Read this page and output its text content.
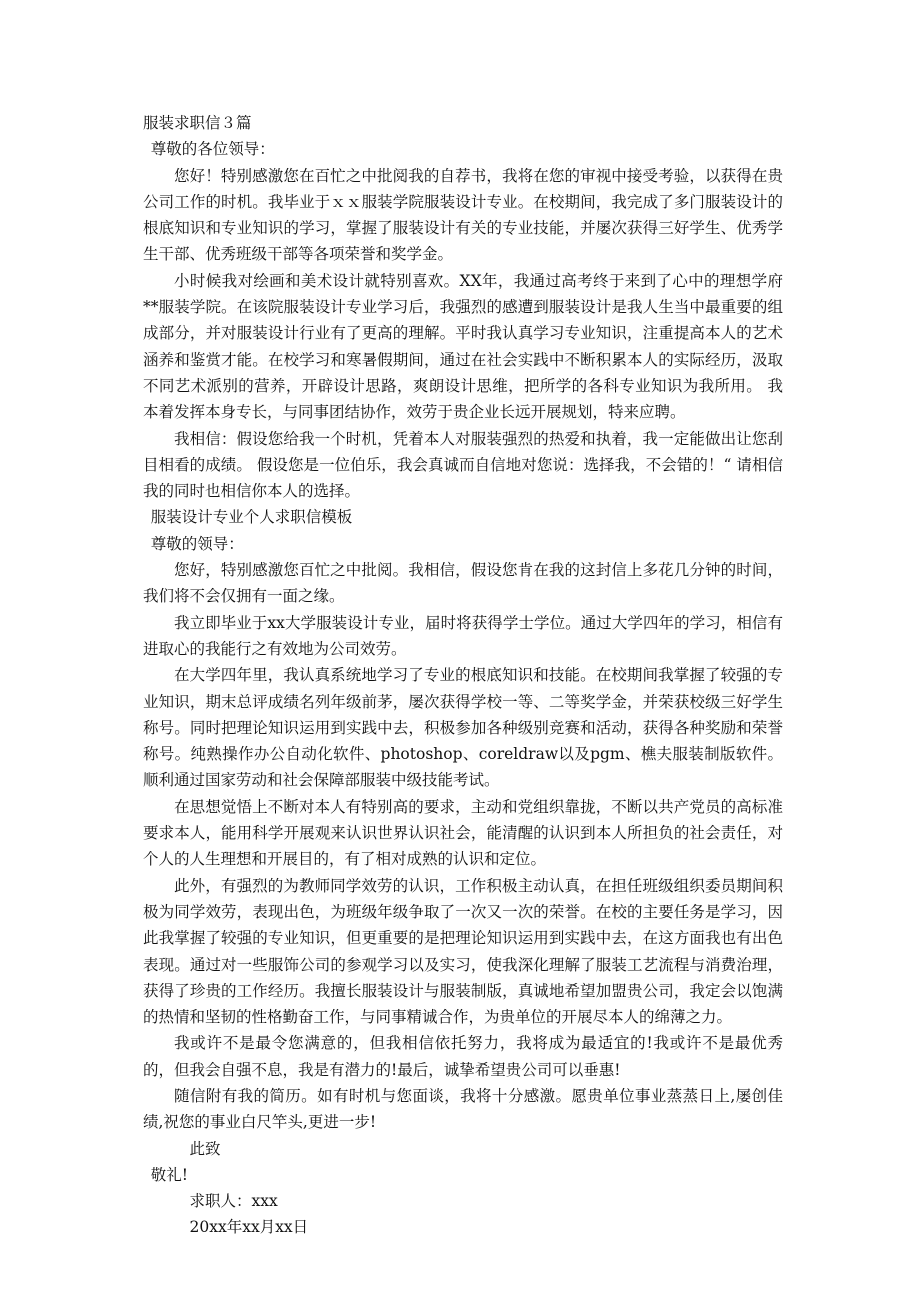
服装求职信３篇

尊敬的各位领导：

您好！特别感激您在百忙之中批阅我的自荐书，我将在您的审视中接受考验，以获得在贵公司工作的时机。我毕业于ｘｘ服装学院服装设计专业。在校期间，我完成了多门服装设计的根底知识和专业知识的学习，掌握了服装设计有关的专业技能，并屡次获得三好学生、优秀学生干部、优秀班级干部等各项荣誉和奖学金。

小时候我对绘画和美术设计就特别喜欢。XX年，我通过高考终于来到了心中的理想学府**服装学院。在该院服装设计专业学习后，我强烈的感遭到服装设计是我人生当中最重要的组成部分，并对服装设计行业有了更高的理解。平时我认真学习专业知识，注重提高本人的艺术涵养和鉴赏才能。在校学习和寒暑假期间，通过在社会实践中不断积累本人的实际经历，汲取不同艺术派别的营养，开辟设计思路，爽朗设计思维，把所学的各科专业知识为我所用。 我本着发挥本身专长，与同事团结协作，效劳于贵企业长远开展规划，特来应聘。

我相信：假设您给我一个时机，凭着本人对服装强烈的热爱和执着，我一定能做出让您刮目相看的成绩。 假设您是一位伯乐，我会真诚而自信地对您说：选择我，不会错的！“ 请相信我的同时也相信你本人的选择。

服装设计专业个人求职信模板

尊敬的领导：

您好，特别感激您百忙之中批阅。我相信，假设您肯在我的这封信上多花几分钟的时间，我们将不会仅拥有一面之缘。

我立即毕业于xx大学服装设计专业，届时将获得学士学位。通过大学四年的学习，相信有进取心的我能行之有效地为公司效劳。

在大学四年里，我认真系统地学习了专业的根底知识和技能。在校期间我掌握了较强的专业知识，期末总评成绩名列年级前茅，屡次获得学校一等、二等奖学金，并荣获校级三好学生称号。同时把理论知识运用到实践中去，积极参加各种级别竞赛和活动，获得各种奖励和荣誉称号。纯熟操作办公自动化软件、photoshop、coreldraw以及pgm、樵夫服装制版软件。顺利通过国家劳动和社会保障部服装中级技能考试。

在思想觉悟上不断对本人有特别高的要求，主动和党组织靠拢，不断以共产党员的高标准要求本人，能用科学开展观来认识世界认识社会，能清醒的认识到本人所担负的社会责任，对个人的人生理想和开展目的，有了相对成熟的认识和定位。

此外，有强烈的为教师同学效劳的认识，工作积极主动认真，在担任班级组织委员期间积极为同学效劳，表现出色，为班级年级争取了一次又一次的荣誉。在校的主要任务是学习，因此我掌握了较强的专业知识，但更重要的是把理论知识运用到实践中去，在这方面我也有出色表现。通过对一些服饰公司的参观学习以及实习，使我深化理解了服装工艺流程与消费治理，获得了珍贵的工作经历。我擅长服装设计与服装制版，真诚地希望加盟贵公司，我定会以饱满的热情和坚韧的性格勤奋工作，与同事精诚合作，为贵单位的开展尽本人的绵薄之力。

我或许不是最令您满意的，但我相信依托努力，我将成为最适宜的!我或许不是最优秀的，但我会自强不息，我是有潜力的!最后，诚挚希望贵公司可以垂惠!

随信附有我的简历。如有时机与您面谈，我将十分感激。愿贵单位事业蒸蒸日上,屡创佳绩,祝您的事业白尺竿头,更进一步!

此致

敬礼!

求职人：xxx

20xx年xx月xx日
